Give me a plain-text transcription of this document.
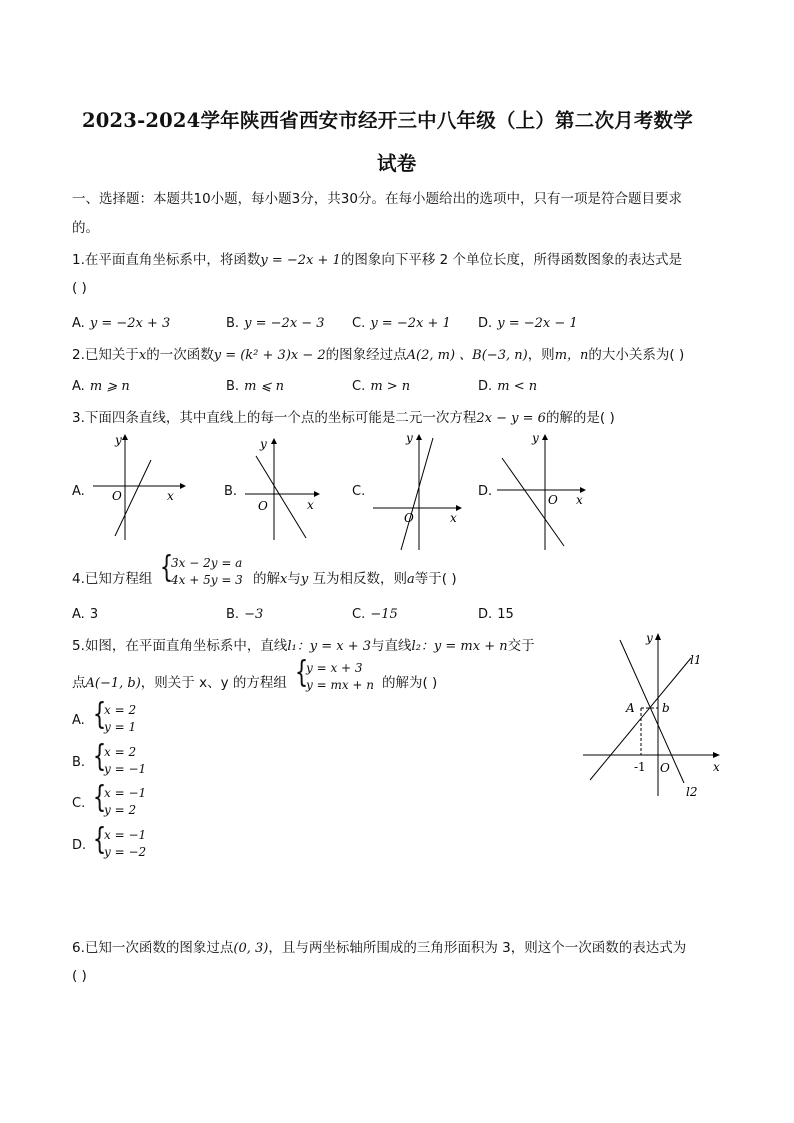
2023-2024学年陕西省西安市经开三中八年级（上）第二次月考数学
试卷
一、选择题：本题共10小题，每小题3分，共30分。在每小题给出的选项中，只有一项是符合题目要求
的。
1.在平面直角坐标系中，将函数y = −2x + 1的图象向下平移 2 个单位长度，所得函数图象的表达式是
( )
A. y = −2x + 3	B. y = −2x − 3 C. y = −2x + 1 D. y = −2x − 1
2.已知关于x的一次函数y = (k² + 3)x − 2的图象经过点A(2, m) 、B(−3, n)，则m，n的大小关系为( )
A. m ⩾ n	B. m ⩽ n	C. m > n	D. m < n
3.下面四条直线，其中直线上的每一个点的坐标可能是二元一次方程2x − y = 6的解的是( )
A.	x
y
O	B.
x
y
O
C.
x
y
O
D.
x
y
O
4.已知方程组 {
3x − 2y = a
4x + 5y = 3 的解x与y 互为相反数，则a等于( )
A. 3	B. −3	C. −15	D. 15
5.如图，在平面直角坐标系中，直线l₁：y = x + 3与直线l₂：y = mx + n交于
点A(−1, b)，则关于 x、y 的方程组 {
y = x + 3
y = mx + n 的解为( )
A. {
x = 2
y = 1
B. {
x = 2
y = −1
C. {
x = −1
y = 2
D. {
x = −1
y = −2
l1
l2
A b
-1 O	x
y
6.已知一次函数的图象过点(0, 3)，且与两坐标轴所围成的三角形面积为 3，则这个一次函数的表达式为
( )
